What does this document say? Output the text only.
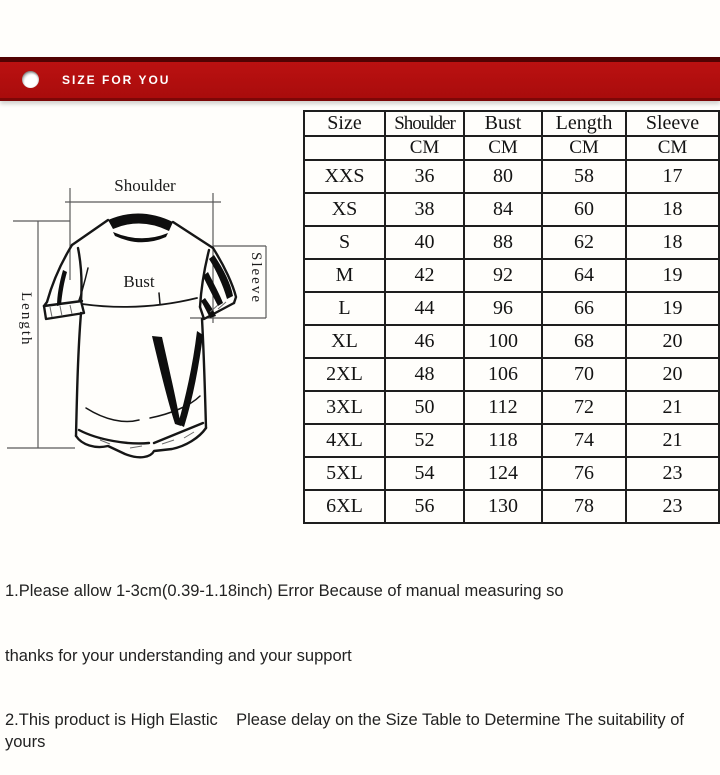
SIZE FOR YOU
Shoulder
Bust	Sleeve
Length
Size	Shoulder	Bust	Length	Sleeve
	CM	CM	CM	CM
XXS	36	80	58	17
XS	38	84	60	18
S	40	88	62	18
M	42	92	64	19
L	44	96	66	19
XL	46	100	68	20
2XL	48	106	70	20
3XL	50	112	72	21
4XL	52	118	74	21
5XL	54	124	76	23
6XL	56	130	78	23

1.Please allow 1-3cm(0.39-1.18inch) Error Because of manual measuring so

thanks for your understanding and your support

2.This product is High Elastic    Please delay on the Size Table to Determine The suitability of yours
